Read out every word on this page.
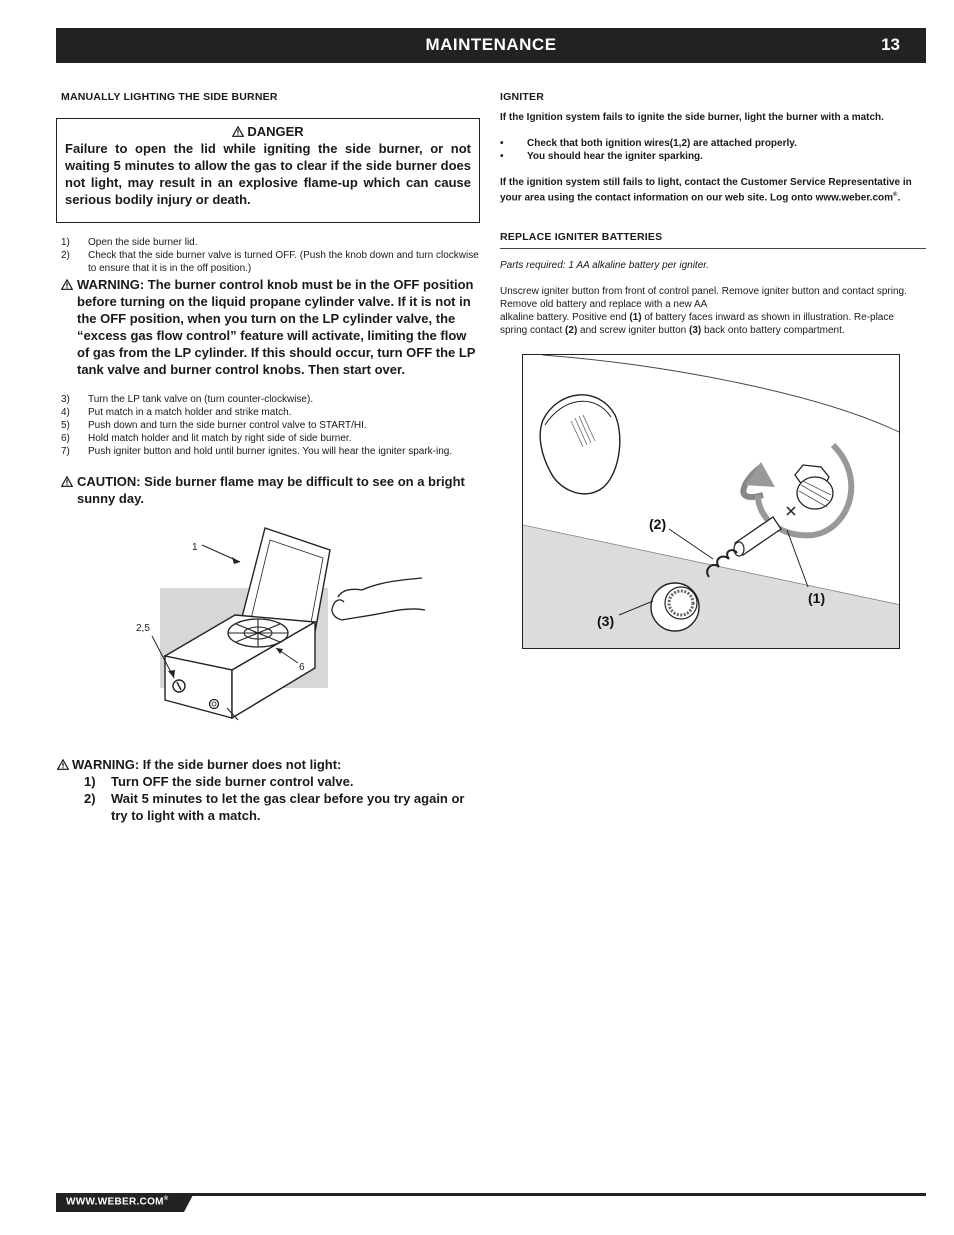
MAINTENANCE	13
MANUALLY LIGHTING THE SIDE BURNER
DANGER
Failure to open the lid while igniting the side burner, or not waiting 5 minutes to allow the gas to clear if the side burner does not light, may result in an explosive flame-up which can cause serious bodily injury or death.
1)	Open the side burner lid.
2)	Check that the side burner valve is turned OFF. (Push the knob down and turn clockwise to ensure that it is in the off position.)
WARNING: The burner control knob must be in the OFF position before turning on the liquid propane cylinder valve. If it is not in the OFF position, when you turn on the LP cylinder valve, the “excess gas flow control” feature will activate, limiting the flow of gas from the LP cylinder. If this should occur, turn OFF the LP tank valve and burner control knobs. Then start over.
3)	Turn the LP tank valve on (turn counter-clockwise).
4)	Put match in a match holder and strike match.
5)	Push down and turn the side burner control valve to START/HI.
6)	Hold match holder and lit match by right side of side burner.
7)	Push igniter button and hold until burner ignites. You will hear the igniter spark-ing.
CAUTION: Side burner flame may be difficult to see on a bright sunny day.
1
2,5
6
WARNING: If the side burner does not light:
1)	Turn OFF the side burner control valve.
2)	Wait 5 minutes to let the gas clear before you try again or try to light with a match.
IGNITER
If the Ignition system fails to ignite the side burner, light the burner with a match.
•	Check that both ignition wires(1,2) are attached properly.
•	You should hear the igniter sparking.
If the ignition system still fails to light, contact the Customer Service Representative in your area using the contact information on our web site. Log onto www.weber.com®.
REPLACE IGNITER BATTERIES
Parts required: 1 AA alkaline battery per igniter.
Unscrew igniter button from front of control panel. Remove igniter button and contact spring. Remove old battery and replace with a new AA
alkaline battery. Positive end (1) of battery faces inward as shown in illustration. Re-place spring contact (2) and screw igniter button (3) back onto battery compartment.
(2)
(1)
(3)
WWW.WEBER.COM®
